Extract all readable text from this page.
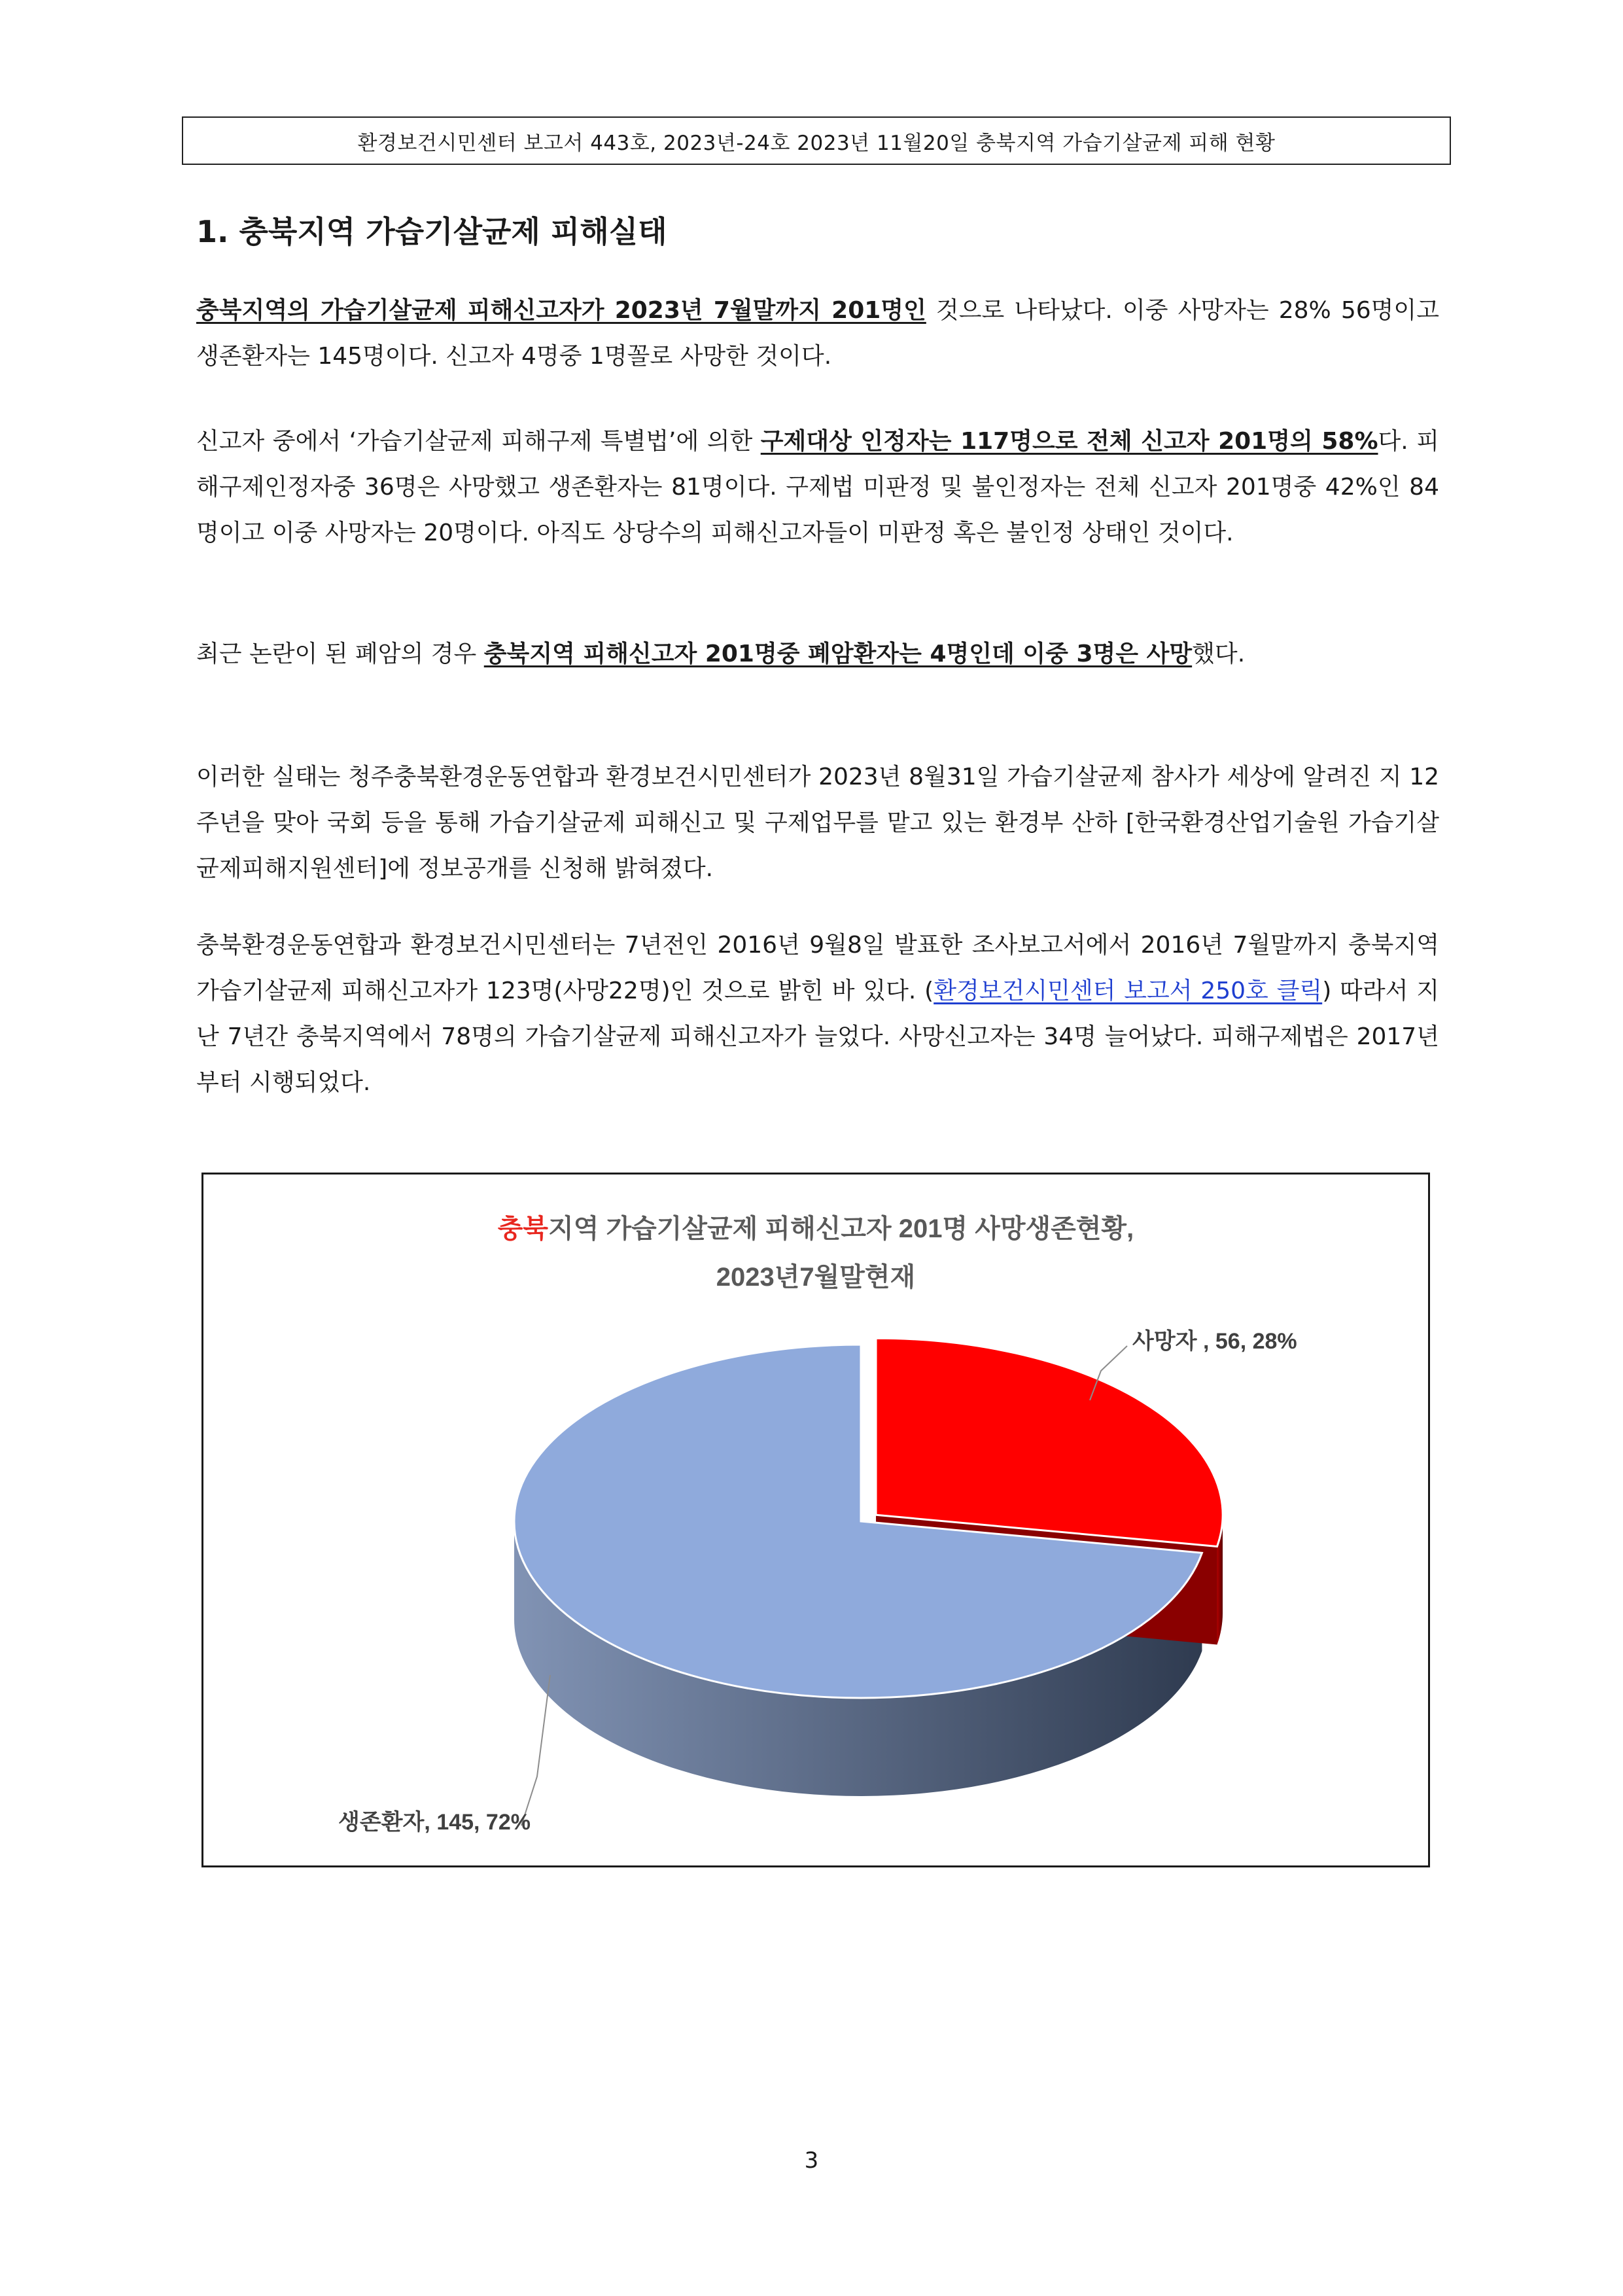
환경보건시민센터 보고서 443호, 2023년-24호 2023년 11월20일 충북지역 가습기살균제 피해 현황
1. 충북지역 가습기살균제 피해실태

충북지역의 가습기살균제 피해신고자가 2023년 7월말까지 201명인 것으로 나타났다. 이중 사망자는 28% 56명이고 생존환자는 145명이다. 신고자 4명중 1명꼴로 사망한 것이다.

신고자 중에서 ‘가습기살균제 피해구제 특별법’에 의한 구제대상 인정자는 117명으로 전체 신고자 201명의 58%다. 피해구제인정자중 36명은 사망했고 생존환자는 81명이다. 구제법 미판정 및 불인정자는 전체 신고자 201명중 42%인 84명이고 이중 사망자는 20명이다. 아직도 상당수의 피해신고자들이 미판정 혹은 불인정 상태인 것이다.

최근 논란이 된 폐암의 경우 충북지역 피해신고자 201명중 폐암환자는 4명인데 이중 3명은 사망했다.

이러한 실태는 청주충북환경운동연합과 환경보건시민센터가 2023년 8월31일 가습기살균제 참사가 세상에 알려진 지 12주년을 맞아 국회 등을 통해 가습기살균제 피해신고 및 구제업무를 맡고 있는 환경부 산하 [한국환경산업기술원 가습기살균제피해지원센터]에 정보공개를 신청해 밝혀졌다.

충북환경운동연합과 환경보건시민센터는 7년전인 2016년 9월8일 발표한 조사보고서에서 2016년 7월말까지 충북지역 가습기살균제 피해신고자가 123명(사망22명)인 것으로 밝힌 바 있다. (환경보건시민센터 보고서 250호 클릭) 따라서 지난 7년간 충북지역에서 78명의 가습기살균제 피해신고자가 늘었다. 사망신고자는 34명 늘어났다. 피해구제법은 2017년부터 시행되었다.

충북지역 가습기살균제 피해신고자 201명 사망생존현황,
2023년7월말현재
사망자 , 56, 28%
생존환자, 145, 72%
3
